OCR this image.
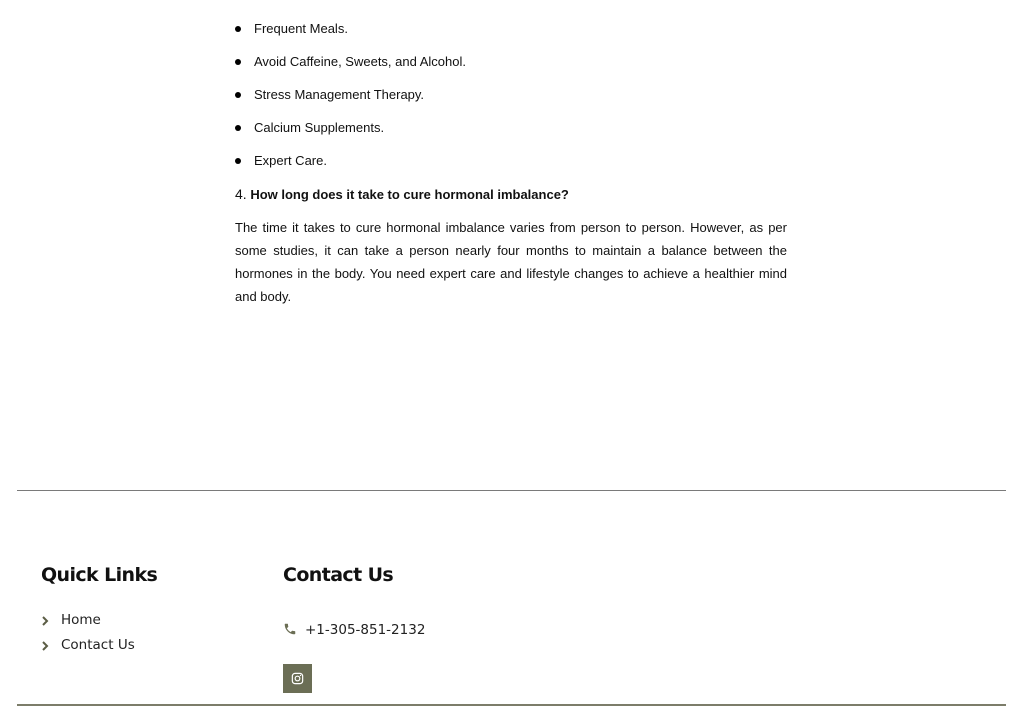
Frequent Meals.
Avoid Caffeine, Sweets, and Alcohol.
Stress Management Therapy.
Calcium Supplements.
Expert Care.
4. How long does it take to cure hormonal imbalance?

The time it takes to cure hormonal imbalance varies from person to person. However, as per some studies, it can take a person nearly four months to maintain a balance between the hormones in the body. You need expert care and lifestyle changes to achieve a healthier mind and body.

Quick Links
Home
Contact Us
Contact Us
+1-305-851-2132
